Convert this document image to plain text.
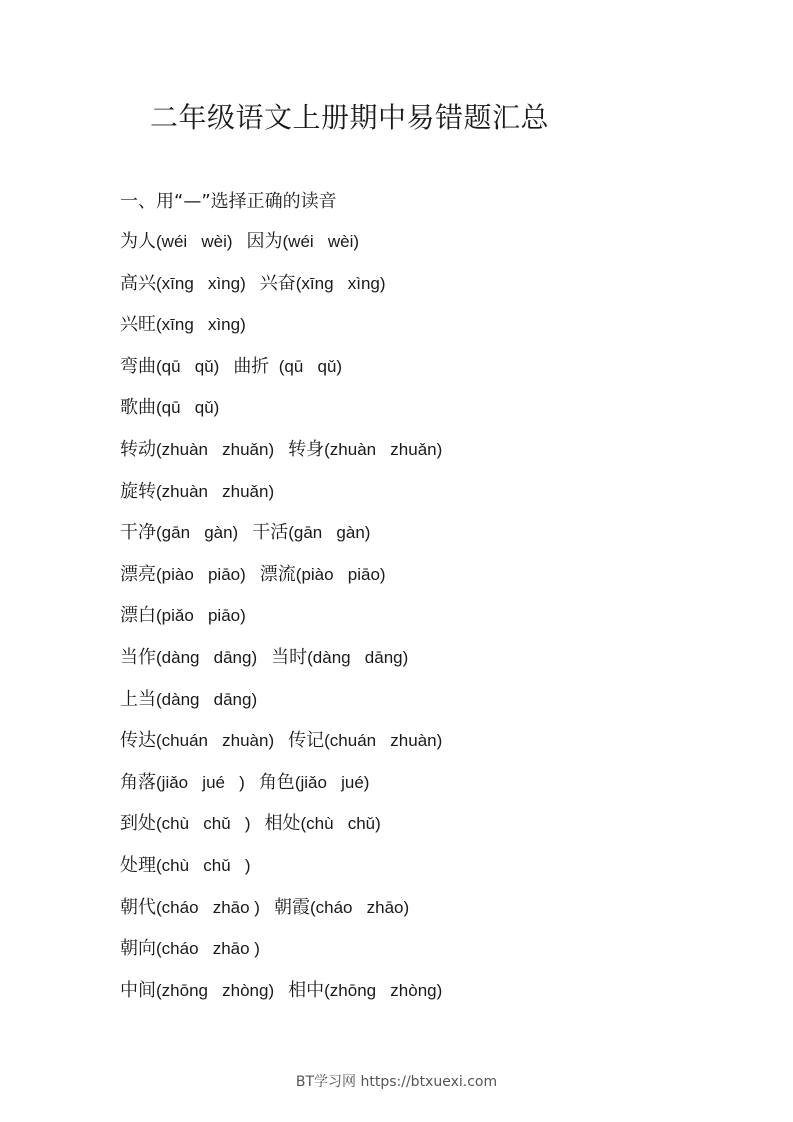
二年级语文上册期中易错题汇总
一、用“—”选择正确的读音
为人(wéi   wèi) 因为(wéi   wèi)
高兴(xīng   xìng) 兴奋(xīng   xìng)
兴旺(xīng   xìng)
弯曲(qū   qǔ) 曲折  (qū   qǔ)
歌曲(qū   qǔ)
转动(zhuàn   zhuǎn) 转身(zhuàn   zhuǎn)
旋转(zhuàn   zhuǎn)
干净(gān   gàn) 干活(gān   gàn)
漂亮(piào   piāo) 漂流(piào   piāo)
漂白(piǎo   piāo)
当作(dàng   dāng) 当时(dàng   dāng)
上当(dàng   dāng)
传达(chuán   zhuàn) 传记(chuán   zhuàn)
角落(jiǎo   jué   ) 角色(jiǎo   jué)
到处(chù   chǔ   ) 相处(chù   chǔ)
处理(chù   chǔ   )
朝代(cháo   zhāo ) 朝霞(cháo   zhāo)
朝向(cháo   zhāo )
中间(zhōng   zhòng) 相中(zhōng   zhòng)
BT学习网 https://btxuexi.com
